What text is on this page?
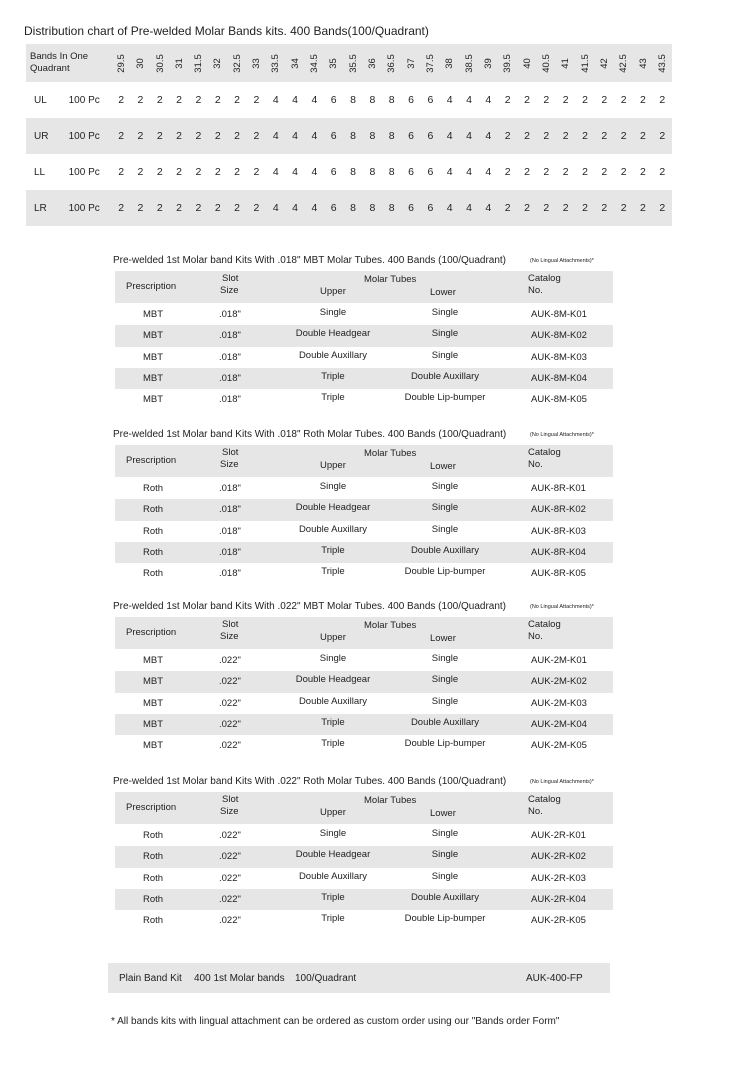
Distribution chart of Pre-welded Molar Bands kits. 400 Bands(100/Quadrant)
Bands In One
Quadrant		29.5	30	30.5	31	31.5	32	32.5	33	33.5	34	34.5	35	35.5	36	36.5	37	37.5	38	38.5	39	39.5	40	40.5	41	41.5	42	42.5	43	43.5
UL	100 Pc	2	2	2	2	2	2	2	2	4	4	4	6	8	8	8	6	6	4	4	4	2	2	2	2	2	2	2	2	2
UR	100 Pc	2	2	2	2	2	2	2	2	4	4	4	6	8	8	8	6	6	4	4	4	2	2	2	2	2	2	2	2	2
LL	100 Pc	2	2	2	2	2	2	2	2	4	4	4	6	8	8	8	6	6	4	4	4	2	2	2	2	2	2	2	2	2
LR	100 Pc	2	2	2	2	2	2	2	2	4	4	4	6	8	8	8	6	6	4	4	4	2	2	2	2	2	2	2	2	2
Pre-welded 1st Molar band Kits With .018" MBT Molar Tubes. 400 Bands (100/Quadrant)	(No Lingual Attachments)*
Prescription
Slot
Size
Molar Tubes
Upper	Lower
Catalog
No.
MBT	.018"	Single	Single	AUK-8M-K01
MBT	.018"	Double Headgear	Single	AUK-8M-K02
MBT	.018"	Double Auxillary	Single	AUK-8M-K03
MBT	.018"	Triple	Double Auxillary	AUK-8M-K04
MBT	.018"	Triple	Double Lip-bumper	AUK-8M-K05
Pre-welded 1st Molar band Kits With .018" Roth Molar Tubes. 400 Bands (100/Quadrant)	(No Lingual Attachments)*
Prescription
Slot
Size
Molar Tubes
Upper	Lower
Catalog
No.
Roth	.018"	Single	Single	AUK-8R-K01
Roth	.018"	Double Headgear	Single	AUK-8R-K02
Roth	.018"	Double Auxillary	Single	AUK-8R-K03
Roth	.018"	Triple	Double Auxillary	AUK-8R-K04
Roth	.018"	Triple	Double Lip-bumper	AUK-8R-K05
Pre-welded 1st Molar band Kits With .022" MBT Molar Tubes. 400 Bands (100/Quadrant)	(No Lingual Attachments)*
Prescription
Slot
Size
Molar Tubes
Upper	Lower
Catalog
No.
MBT	.022"	Single	Single	AUK-2M-K01
MBT	.022"	Double Headgear	Single	AUK-2M-K02
MBT	.022"	Double Auxillary	Single	AUK-2M-K03
MBT	.022"	Triple	Double Auxillary	AUK-2M-K04
MBT	.022"	Triple	Double Lip-bumper	AUK-2M-K05
Pre-welded 1st Molar band Kits With .022" Roth Molar Tubes. 400 Bands (100/Quadrant)	(No Lingual Attachments)*
Prescription
Slot
Size
Molar Tubes
Upper	Lower
Catalog
No.
Roth	.022"	Single	Single	AUK-2R-K01
Roth	.022"	Double Headgear	Single	AUK-2R-K02
Roth	.022"	Double Auxillary	Single	AUK-2R-K03
Roth	.022"	Triple	Double Auxillary	AUK-2R-K04
Roth	.022"	Triple	Double Lip-bumper	AUK-2R-K05
Plain Band Kit 400 1st Molar bands 100/Quadrant	AUK-400-FP
* All bands kits with lingual attachment can be ordered as custom order using our "Bands order Form"
